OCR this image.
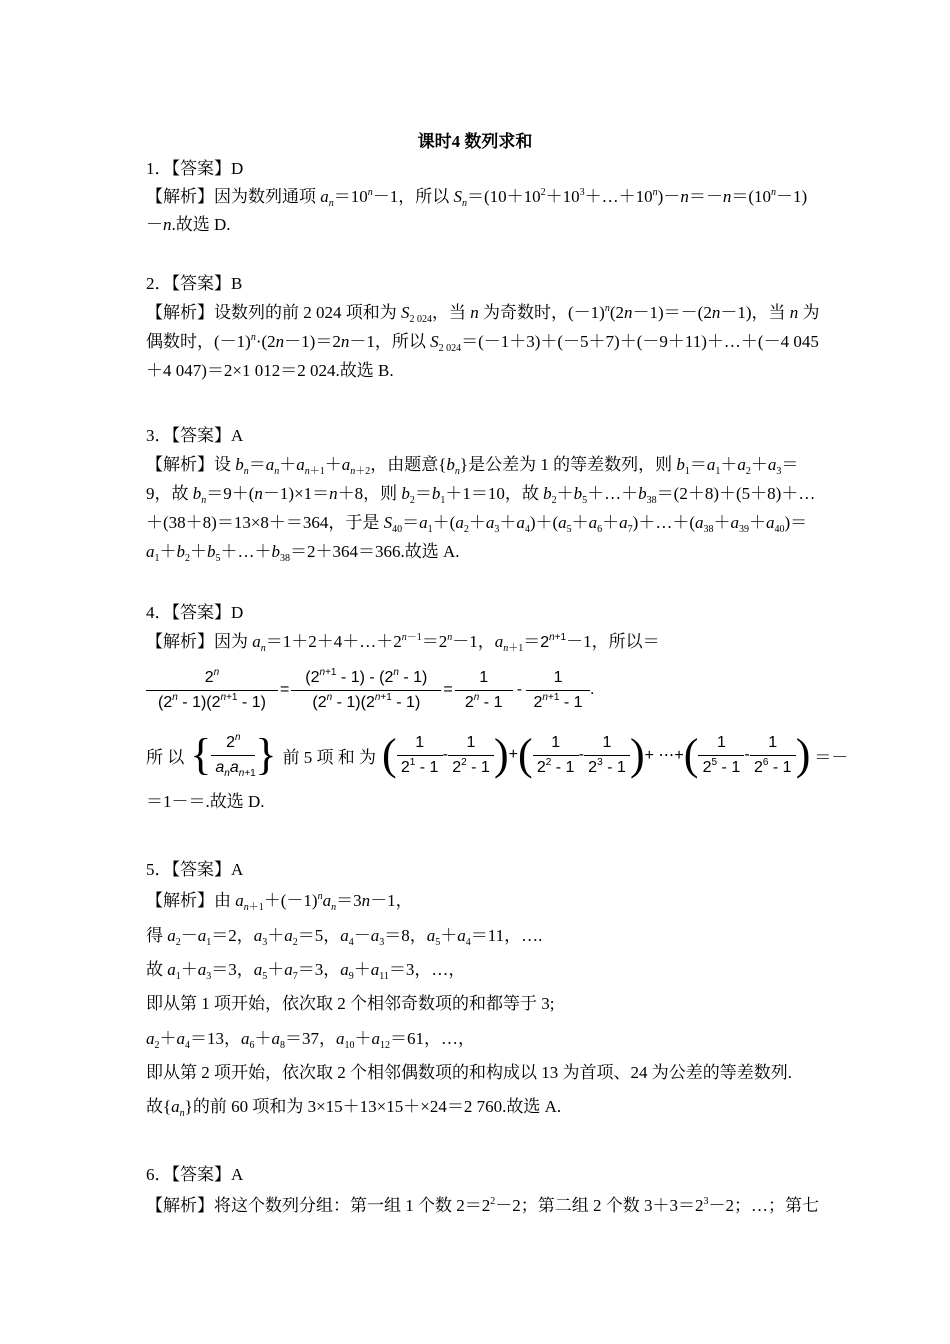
课时4 数列求和
1．【答案】D
【解析】因为数列通项 $a_n=10^n-1$，所以 $S_n=(10+10^2+10^3+\dots+10^n)-n=-n=(10^n-1)$
－n.故选 D.
2．【答案】B
【解析】设数列的前 2 024 项和为 $S_{2 024}$，当 n 为奇数时，$(-1)^n(2n-1)=-(2n-1)$，当 n 为
偶数时，$(-1)^n\cdot(2n-1)=2n-1$，所以 $S_{2 024}=(-1+3)+(-5+7)+(-9+11)+\dots+(-4$ 045
＋4 047)＝2×1 012＝2 024.故选 B.
3．【答案】A
【解析】设 $b_n=a_n+a_{n+1}+a_{n+2}$，由题意$\{b_n\}$是公差为 1 的等差数列，则 $b_1=a_1+a_2+a_3=$
9，故 $b_n=9+(n-1)\times 1=n+8$，则 $b_2=b_1+1=10$，故 $b_2+b_5+\dots+b_{38}=(2+8)+(5+8)+\dots$
＋(38＋8)＝13×8＋＝364，于是 $S_{40}=a_1+(a_2+a_3+a_4)+(a_5+a_6+a_7)+\dots+(a_{38}+a_{39}+a_{40})=$
$a_1+b_2+b_5+\dots+b_{38}=2+364=366$.故选 A.
4．【答案】D
【解析】因为 $a_n=1+2+4+\dots+2^{n-1}=2^n-1$，$a_{n+1}=2^{n+1}-1$，所以＝
$\frac{2^n}{(2^n - 1)(2^{n+1} - 1)} = \frac{(2^{n+1} - 1) - (2^n - 1)}{(2^n - 1)(2^{n+1} - 1)} = \frac{1}{2^n - 1} - \frac{1}{2^{n+1} - 1}$ .
所 以 { $\frac{2^n}{a_na_{n+1}}$ } 前 5 项 和 为 ( $\frac{1}{2^1 - 1} - \frac{1}{2^2 - 1}$ ) + ( $\frac{1}{2^2 - 1} - \frac{1}{2^3 - 1}$ ) + ⋯+ ( $\frac{1}{2^5 - 1} - \frac{1}{2^6 - 1}$ ) ＝－
＝1－＝.故选 D.
5．【答案】A
【解析】由 $a_{n+1}+(-1)^na_n=3n-1$，
得 $a_2-a_1=2$，$a_3+a_2=5$，$a_4-a_3=8$，$a_5+a_4=11$，….
故 $a_1+a_3=3$，$a_5+a_7=3$，$a_9+a_{11}=3$，…，
即从第 1 项开始，依次取 2 个相邻奇数项的和都等于 3;
$a_2+a_4=13$，$a_6+a_8=37$，$a_{10}+a_{12}=61$，…，
即从第 2 项开始，依次取 2 个相邻偶数项的和构成以 13 为首项、24 为公差的等差数列.
故$\{a_n\}$的前 60 项和为 3×15＋13×15＋×24＝2 760.故选 A.
6．【答案】A
【解析】将这个数列分组：第一组 1 个数 $2=2^2-2$；第二组 2 个数 $3+3=2^3-2$；…；第七
